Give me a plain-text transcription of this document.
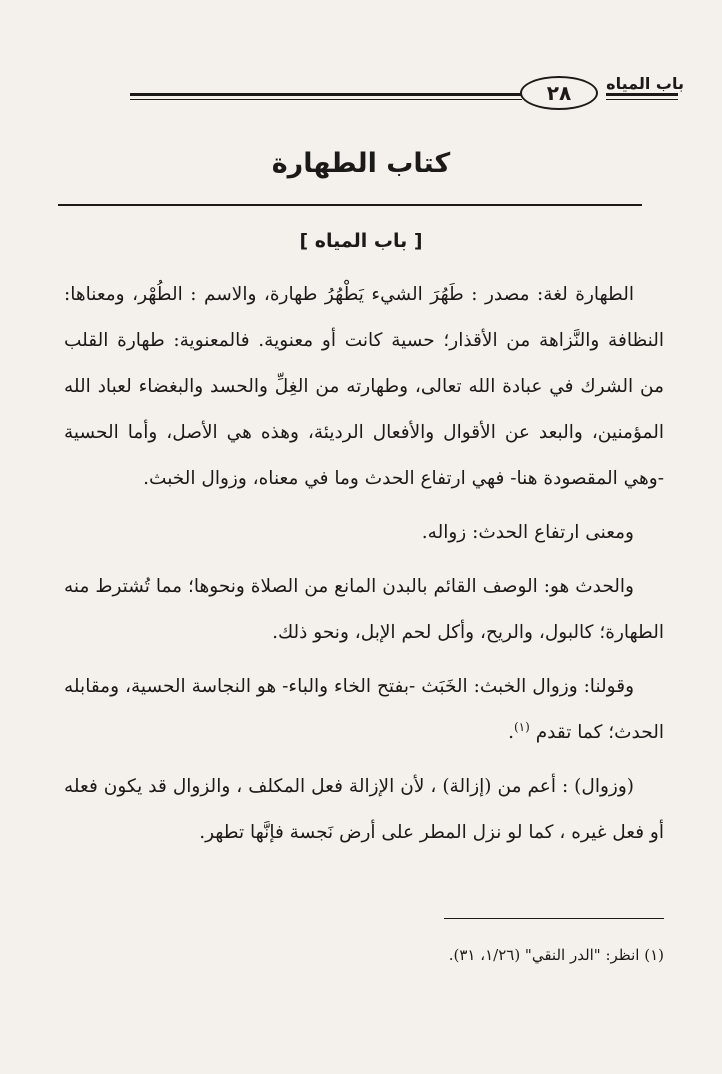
باب المياه
٢٨
كتاب الطهارة
[ باب المياه ]

الطهارة لغة: مصدر : طَهُرَ الشيء يَطْهُرُ طهارة، والاسم : الطُهْر، ومعناها: النظافة والنَّزاهة من الأقذار؛ حسية كانت أو معنوية. فالمعنوية: طهارة القلب من الشرك في عبادة الله تعالى، وطهارته من الغِلِّ والحسد والبغضاء لعباد الله المؤمنين، والبعد عن الأقوال والأفعال الرديئة، وهذه هي الأصل، وأما الحسية -وهي المقصودة هنا- فهي ارتفاع الحدث وما في معناه، وزوال الخبث.

ومعنى ارتفاع الحدث: زواله.

والحدث هو: الوصف القائم بالبدن المانع من الصلاة ونحوها؛ مما تُشترط منه الطهارة؛ كالبول، والريح، وأكل لحم الإبل، ونحو ذلك.

وقولنا: وزوال الخبث: الخَبَث -بفتح الخاء والباء- هو النجاسة الحسية، ومقابله الحدث؛ كما تقدم $^{(١)}$.

(وزوال) : أعم من (إزالة) ، لأن الإزالة فعل المكلف ، والزوال قد يكون فعله أو فعل غيره ، كما لو نزل المطر على أرض نَجسة فإنَّها تطهر.

(١) انظر: "الدر النقي" (١/٢٦، ٣١).
